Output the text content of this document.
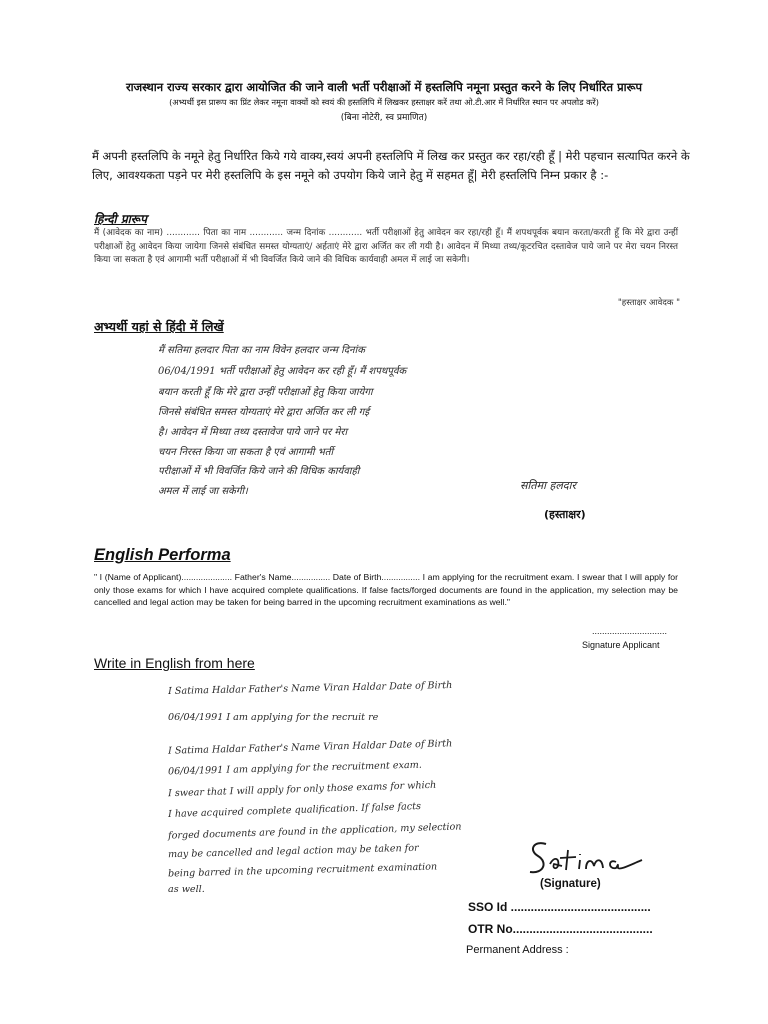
राजस्थान राज्य सरकार द्वारा आयोजित की जाने वाली भर्ती परीक्षाओं में हस्तलिपि नमूना प्रस्तुत करने के लिए निर्धारित प्रारूप
(अभ्यर्थी इस प्रारूप का प्रिंट लेकर नमूना वाक्यों को स्वयं की हस्तलिपि में लिखकर हस्ताक्षर करें तथा ओ.टी.आर में निर्धारित स्थान पर अपलोड करें)
(बिना नोटेरी, स्व प्रमाणित)
मैं अपनी हस्तलिपि के नमूने हेतु निर्धारित किये गये वाक्य,स्वयं अपनी हस्तलिपि में लिख कर प्रस्तुत कर रहा/रही हूँ | मेरी पहचान सत्यापित करने के लिए, आवश्यकता पड़ने पर मेरी हस्तलिपि के इस नमूने को उपयोग किये जाने हेतु में सहमत हूँ| मेरी हस्तलिपि निम्न प्रकार है :-
हिन्दी प्रारूप
मैं (आवेदक का नाम) ............ पिता का नाम ............ जन्म दिनांक ............ भर्ती परीक्षाओं हेतु आवेदन कर रहा/रही हूँ। मैं शपथपूर्वक बयान करता/करती हूँ कि मेरे द्वारा उन्हीं परीक्षाओं हेतु आवेदन किया जायेगा जिनसे संबंधित समस्त योग्यताएं/ अर्हताएं मेरे द्वारा अर्जित कर ली गयी है। आवेदन में मिथ्या तथ्य/कूटरचित दस्तावेज पाये जाने पर मेरा चयन निरस्त किया जा सकता है एवं आगामी भर्ती परीक्षाओं में भी विवर्जित किये जाने की विधिक कार्यवाही अमल में लाई जा सकेगी।
"हस्ताक्षर आवेदक "
अभ्यर्थी यहां से हिंदी में लिखें
मैं सतिमा हलदार पिता का नाम विवेन हलदार जन्म दिनांक
06/04/1991 भर्ती परीक्षाओं हेतु आवेदन कर रही हूँ। मैं शपथपूर्वक
बयान करती हूँ कि मेरे द्वारा उन्हीं परीक्षाओं हेतु किया जायेगा
जिनसे संबंधित समस्त योग्यताएं मेरे द्वारा अर्जित कर ली गई
है। आवेदन में मिथ्या तथ्य दस्तावेज पाये जाने पर मेरा
चयन निरस्त किया जा सकता है एवं आगामी भर्ती
परीक्षाओं में भी विवर्जित किये जाने की विधिक कार्यवाही
अमल में लाई जा सकेगी।	सतिमा हलदार
(हस्ताक्षर)
English Performa
" I (Name of Applicant)..................... Father's Name................ Date of Birth................ I am applying for the recruitment exam. I swear that I will apply for only those exams for which I have acquired complete qualifications. If false facts/forged documents are found in the application, my selection may be cancelled and legal action may be taken for being barred in the upcoming recruitment examinations as well."
..............................
Signature Applicant
Write in English from here
I Satima Haldar Father's Name Viran Haldar Date of Birth
06/04/1991 I am applying for the recruit re
I Satima Haldar Father's Name Viran Haldar Date of Birth
06/04/1991 I am applying for the recruitment exam.
I swear that I will apply for only those exams for which
I have acquired complete qualification. If false facts
forged documents are found in the application, my selection
may be cancelled and legal action may be taken for
being barred in the upcoming recruitment examination
as well.	(Signature)
SSO Id ..........................................
OTR No..........................................
Permanent Address :
